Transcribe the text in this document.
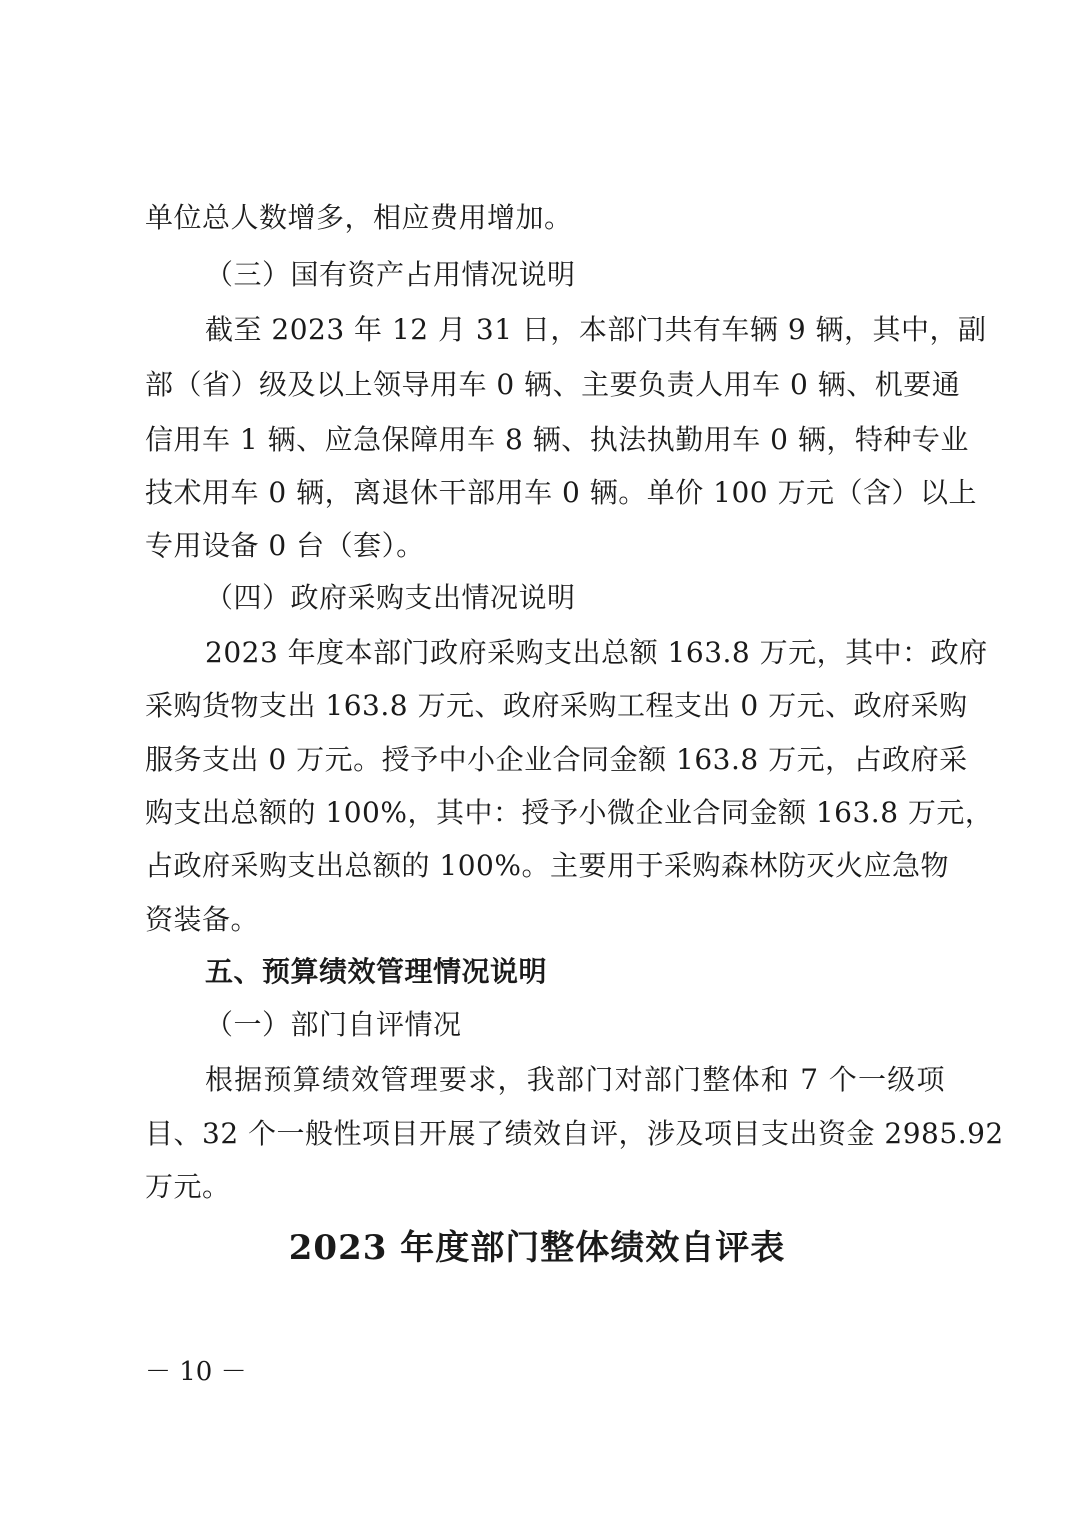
单位总人数增多，相应费用增加。
（三）国有资产占用情况说明
截至 2023 年 12 月 31 日，本部门共有车辆 9 辆，其中，副
部（省）级及以上领导用车 0 辆、主要负责人用车 0 辆、机要通
信用车 1 辆、应急保障用车 8 辆、执法执勤用车 0 辆，特种专业
技术用车 0 辆，离退休干部用车 0 辆。单价 100 万元（含）以上
专用设备 0 台（套）。
（四）政府采购支出情况说明
2023 年度本部门政府采购支出总额 163.8 万元，其中：政府
采购货物支出 163.8 万元、政府采购工程支出 0 万元、政府采购
服务支出 0 万元。授予中小企业合同金额 163.8 万元，占政府采
购支出总额的 100%，其中：授予小微企业合同金额 163.8 万元，
占政府采购支出总额的 100%。主要用于采购森林防灭火应急物
资装备。
五、预算绩效管理情况说明
（一）部门自评情况
根据预算绩效管理要求，我部门对部门整体和 7 个一级项
目、32 个一般性项目开展了绩效自评，涉及项目支出资金 2985.92
万元。
2023 年度部门整体绩效自评表
－ 10 －
